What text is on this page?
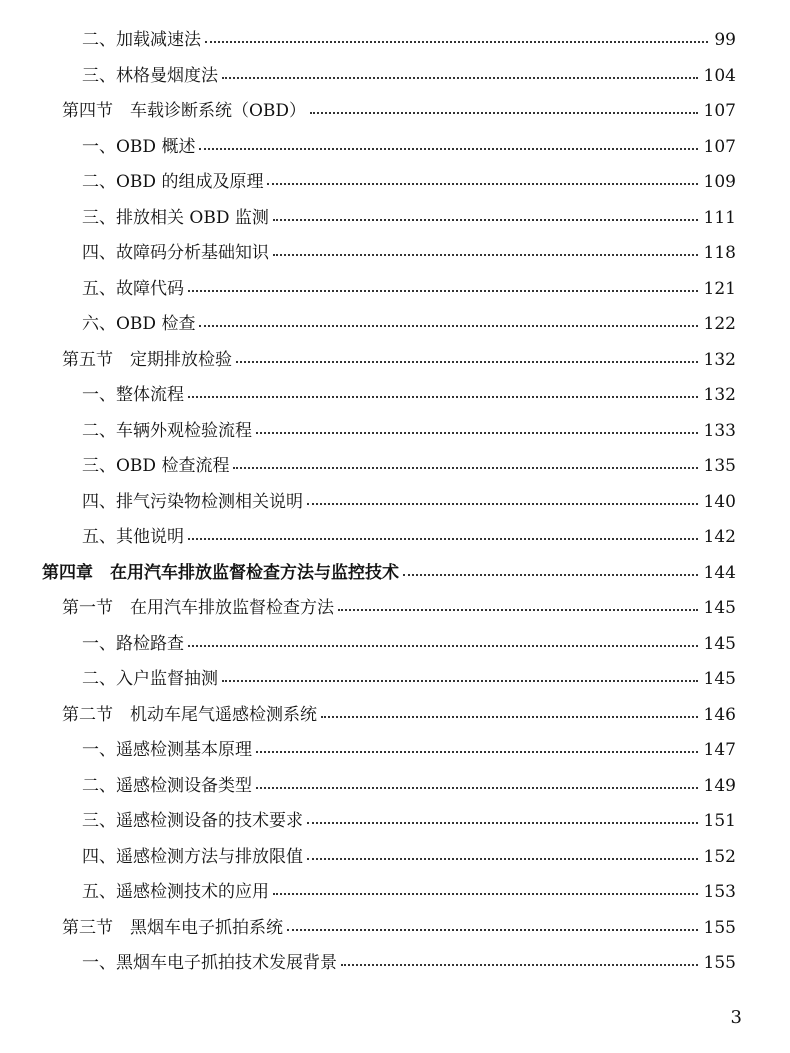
二、加载减速法	99
三、林格曼烟度法	104
第四节　车载诊断系统（OBD）	107
一、OBD 概述	107
二、OBD 的组成及原理	109
三、排放相关 OBD 监测	111
四、故障码分析基础知识	118
五、故障代码	121
六、OBD 检查	122
第五节　定期排放检验	132
一、整体流程	132
二、车辆外观检验流程	133
三、OBD 检查流程	135
四、排气污染物检测相关说明	140
五、其他说明	142
第四章　在用汽车排放监督检查方法与监控技术	144
第一节　在用汽车排放监督检查方法	145
一、路检路查	145
二、入户监督抽测	145
第二节　机动车尾气遥感检测系统	146
一、遥感检测基本原理	147
二、遥感检测设备类型	149
三、遥感检测设备的技术要求	151
四、遥感检测方法与排放限值	152
五、遥感检测技术的应用	153
第三节　黑烟车电子抓拍系统	155
一、黑烟车电子抓拍技术发展背景	155
3
